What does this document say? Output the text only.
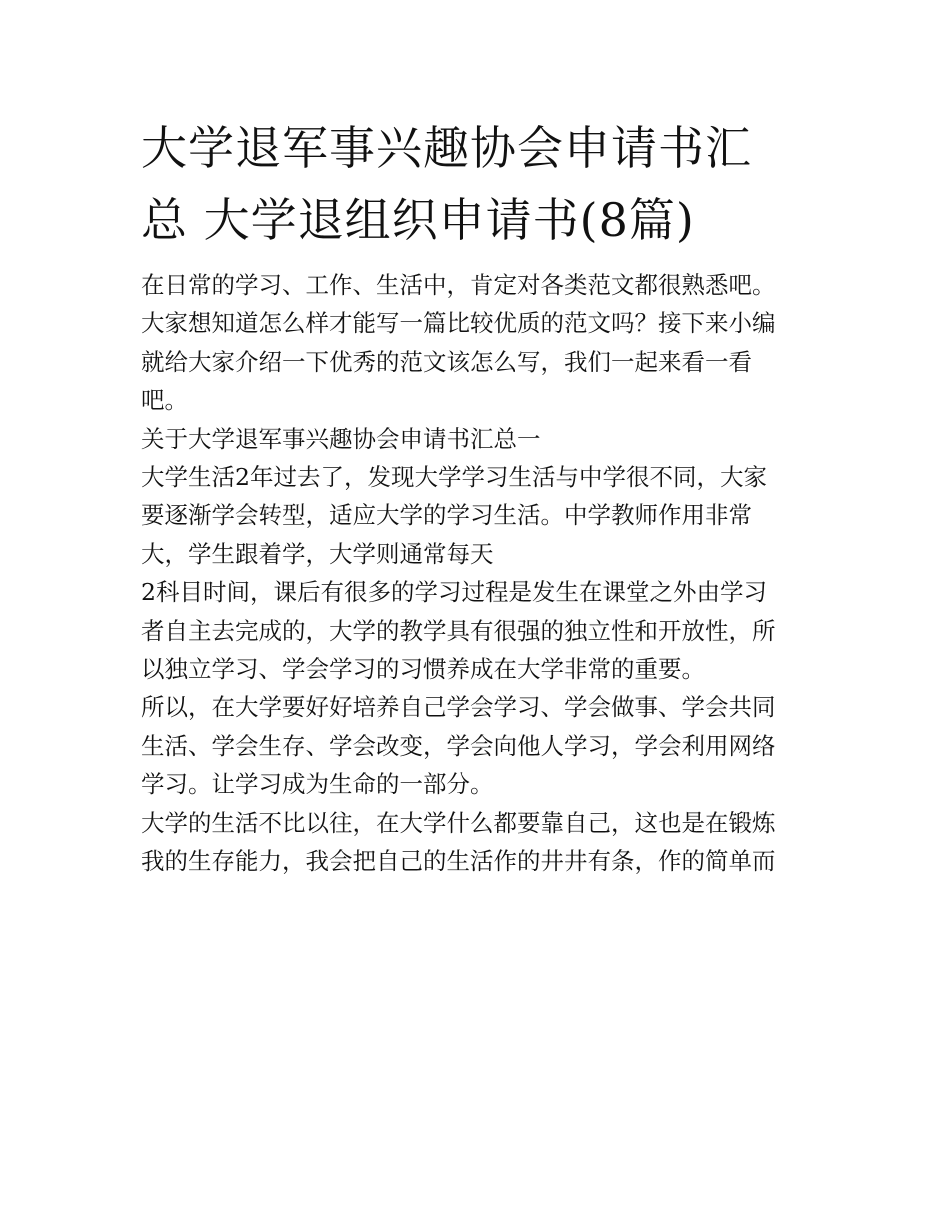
大学退军事兴趣协会申请书汇
总 大学退组织申请书(8篇)

在日常的学习、工作、生活中，肯定对各类范文都很熟悉吧。
大家想知道怎么样才能写一篇比较优质的范文吗？接下来小编
就给大家介绍一下优秀的范文该怎么写，我们一起来看一看
吧。

关于大学退军事兴趣协会申请书汇总一

大学生活2年过去了，发现大学学习生活与中学很不同，大家
要逐渐学会转型，适应大学的学习生活。中学教师作用非常
大，学生跟着学，大学则通常每天

2科目时间，课后有很多的学习过程是发生在课堂之外由学习
者自主去完成的，大学的教学具有很强的独立性和开放性，所
以独立学习、学会学习的习惯养成在大学非常的重要。

所以，在大学要好好培养自己学会学习、学会做事、学会共同
生活、学会生存、学会改变，学会向他人学习，学会利用网络
学习。让学习成为生命的一部分。

大学的生活不比以往，在大学什么都要靠自己，这也是在锻炼
我的生存能力，我会把自己的生活作的井井有条，作的简单而
